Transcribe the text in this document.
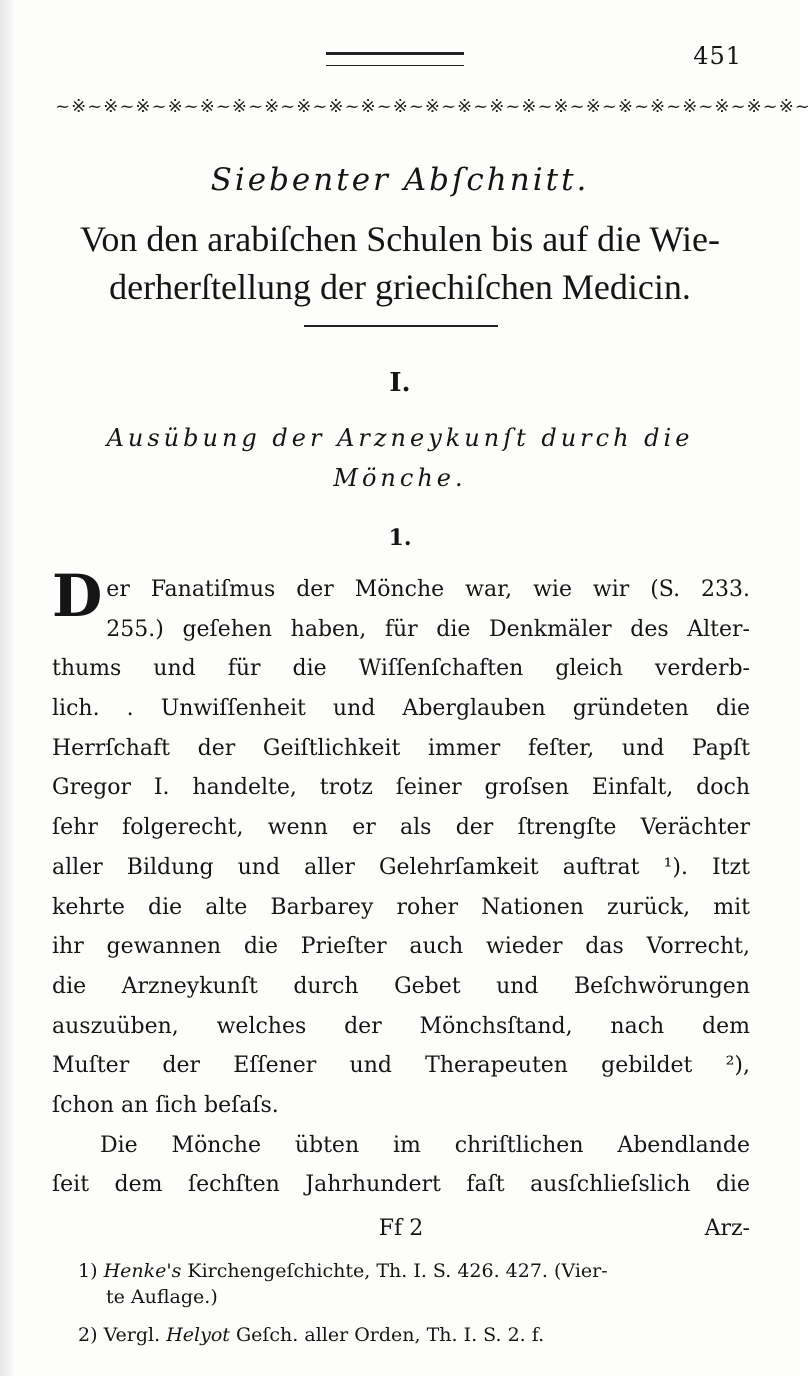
451
~※~※~※~※~※~※~※~※~※~※~※~※~※~※~※~※~※~※~※~※~※~※~※~
Siebenter Abſchnitt.
Von den arabiſchen Schulen bis auf die Wie-
derherſtellung der griechiſchen Medicin.
I.
Ausübung der Arzneykunſt durch die
Mönche.
1.
D er Fanatiſmus der Mönche war, wie wir (S. 233.
255.) geſehen haben, für die Denkmäler des Alter-
thums und für die Wiſſenſchaften gleich verderb-
lich. . Unwiſſenheit und Aberglauben gründeten die
Herrſchaft der Geiſtlichkeit immer feſter, und Papſt
Gregor I. handelte, trotz ſeiner groſsen Einfalt, doch
ſehr folgerecht, wenn er als der ſtrengſte Verächter
aller Bildung und aller Gelehrſamkeit auftrat ¹). Itzt
kehrte die alte Barbarey roher Nationen zurück, mit
ihr gewannen die Prieſter auch wieder das Vorrecht,
die Arzneykunſt durch Gebet und Beſchwörungen
auszuüben, welches der Mönchsſtand, nach dem
Muſter der Eſſener und Therapeuten gebildet ²),
ſchon an ſich beſaſs.
Die Mönche übten im chriſtlichen Abendlande
ſeit dem ſechſten Jahrhundert faſt ausſchlieſslich die
Ff 2	Arz-
1) Henke's Kirchengeſchichte, Th. I. S. 426. 427. (Vier-
te Auflage.)
2) Vergl. Helyot Geſch. aller Orden, Th. I. S. 2. f.
